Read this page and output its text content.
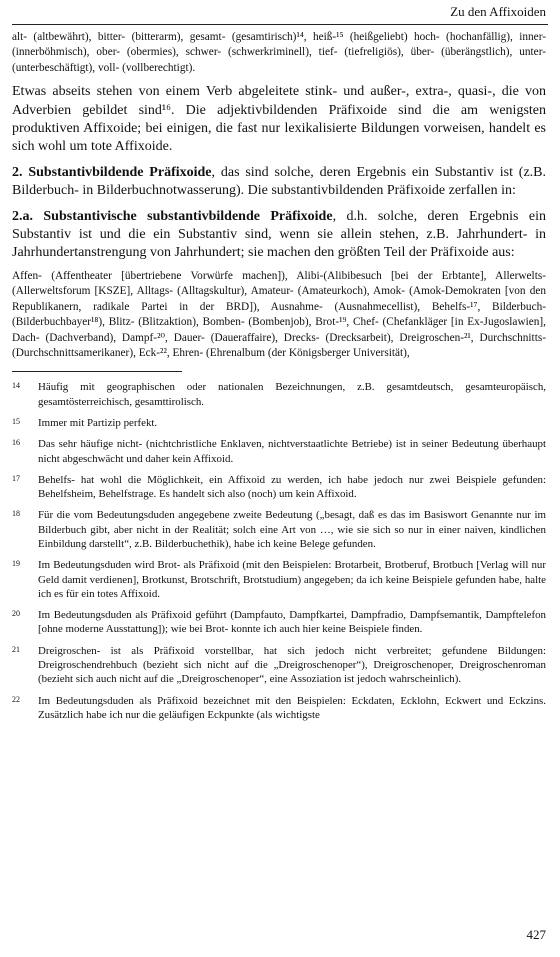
Zu den Affixoiden

alt- (altbewährt), bitter- (bitterarm), gesamt- (gesamtirisch)¹⁴, heiß-¹⁵ (heißgeliebt) hoch- (hochanfällig), inner- (innerböhmisch), ober- (obermies), schwer- (schwerkriminell), tief- (tiefreligiös), über- (überängstlich), unter- (unterbeschäftigt), voll- (vollberechtigt).

Etwas abseits stehen von einem Verb abgeleitete stink- und außer-, extra-, quasi-, die von Adverbien gebildet sind¹⁶. Die adjektivbildenden Präfixoide sind die am wenigsten produktiven Affixoide; bei einigen, die fast nur lexikalisierte Bildungen vorweisen, handelt es sich wohl um tote Affixoide.

2. Substantivbildende Präfixoide, das sind solche, deren Ergebnis ein Substantiv ist (z.B. Bilderbuch- in Bilderbuchnotwasserung). Die substantivbildenden Präfixoide zerfallen in:

2.a. Substantivische substantivbildende Präfixoide, d.h. solche, deren Ergebnis ein Substantiv ist und die ein Substantiv sind, wenn sie allein stehen, z.B. Jahrhundert- in Jahrhundertanstrengung von Jahrhundert; sie machen den größten Teil der Präfixoide aus:

Affen- (Affentheater [übertriebene Vorwürfe machen]), Alibi-(Alibibesuch [bei der Erbtante], Allerwelts- (Allerweltsforum [KSZE], Alltags- (Alltagskultur), Amateur- (Amateurkoch), Amok- (Amok-Demokraten [von den Republikanern, radikale Partei in der BRD]), Ausnahme- (Ausnahmecellist), Behelfs-¹⁷, Bilderbuch- (Bilderbuchbayer¹⁸), Blitz- (Blitzaktion), Bomben- (Bombenjob), Brot-¹⁹, Chef- (Chefankläger [in Ex-Jugoslawien], Dach- (Dachverband), Dampf-²⁰, Dauer- (Daueraffaire), Drecks- (Drecksarbeit), Dreigroschen-²¹, Durchschnitts- (Durchschnittsamerikaner), Eck-²², Ehren- (Ehrenalbum (der Königsberger Universität),

14	Häufig mit geographischen oder nationalen Bezeichnungen, z.B. gesamtdeutsch, gesamteuropäisch, gesamtösterreichisch, gesamttirolisch.
15	Immer mit Partizip perfekt.
16	Das sehr häufige nicht- (nichtchristliche Enklaven, nichtverstaatlichte Betriebe) ist in seiner Bedeutung überhaupt nicht abgeschwächt und daher kein Affixoid.
17	Behelfs- hat wohl die Möglichkeit, ein Affixoid zu werden, ich habe jedoch nur zwei Beispiele gefunden: Behelfsheim, Behelfstrage. Es handelt sich also (noch) um kein Affixoid.
18	Für die vom Bedeutungsduden angegebene zweite Bedeutung („besagt, daß es das im Basiswort Genannte nur im Bilderbuch gibt, aber nicht in der Realität; solch eine Art von …, wie sie sich so nur in einer naiven, kindlichen Einbildung darstellt“, z.B. Bilderbuchethik), habe ich keine Belege gefunden.
19	Im Bedeutungsduden wird Brot- als Präfixoid (mit den Beispielen: Brotarbeit, Brotberuf, Brotbuch [Verlag will nur Geld damit verdienen], Brotkunst, Brotschrift, Brotstudium) angegeben; da ich keine Beispiele gefunden habe, halte ich es für ein totes Affixoid.
20	Im Bedeutungsduden als Präfixoid geführt (Dampfauto, Dampfkartei, Dampfradio, Dampfsemantik, Dampftelefon [ohne moderne Ausstattung]); wie bei Brot- konnte ich auch hier keine Beispiele finden.
21	Dreigroschen- ist als Präfixoid vorstellbar, hat sich jedoch nicht verbreitet; gefundene Bildungen: Dreigroschendrehbuch (bezieht sich nicht auf die „Dreigroschenoper“), Dreigroschenoper, Dreigroschenroman (bezieht sich auch nicht auf die „Dreigroschenoper“, eine Assoziation ist jedoch wahrscheinlich).
22	Im Bedeutungsduden als Präfixoid bezeichnet mit den Beispielen: Eckdaten, Ecklohn, Eckwert und Eckzins. Zusätzlich habe ich nur die geläufigen Eckpunkte (als wichtigste
427
